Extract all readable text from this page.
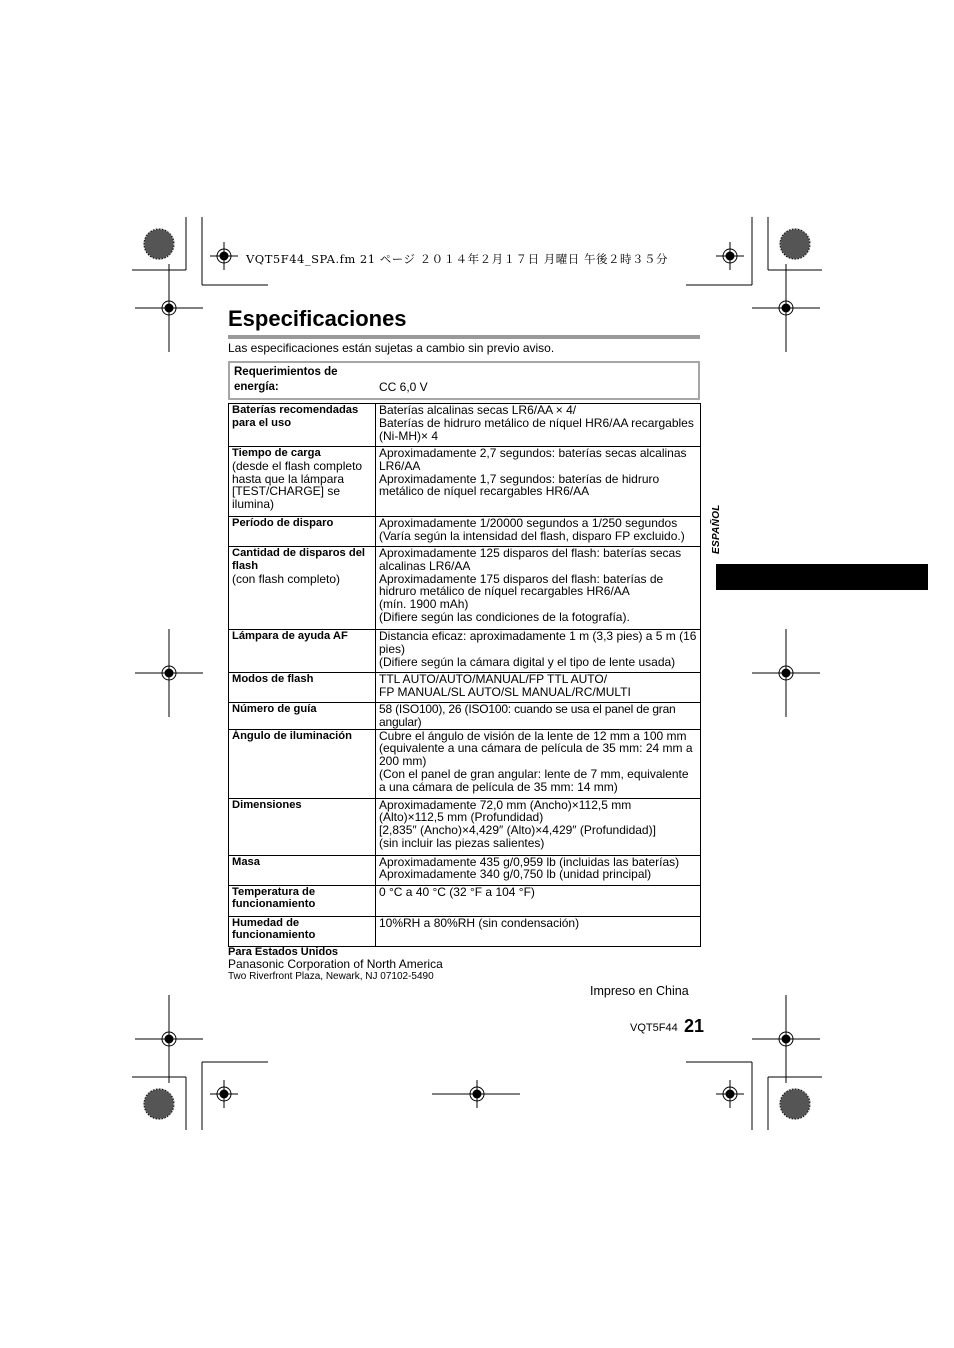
VQT5F44_SPA.fm 21 ページ ２０１４年２月１７日 月曜日 午後２時３５分
Especificaciones
Las especificaciones están sujetas a cambio sin previo aviso.
Requerimientos de energía:	CC 6,0 V
Baterías recomendadas para el uso	Baterías alcalinas secas LR6/AA × 4/
Baterías de hidruro metálico de níquel HR6/AA recargables (Ni-MH)× 4
Tiempo de carga
(desde el flash completo hasta que la lámpara [TEST/CHARGE] se ilumina)	Aproximadamente 2,7 segundos: baterías secas alcalinas LR6/AA
Aproximadamente 1,7 segundos: baterías de hidruro metálico de níquel recargables HR6/AA
Período de disparo	Aproximadamente 1/20000 segundos a 1/250 segundos
(Varía según la intensidad del flash, disparo FP excluido.)
Cantidad de disparos del flash
(con flash completo)	Aproximadamente 125 disparos del flash: baterías secas alcalinas LR6/AA
Aproximadamente 175 disparos del flash: baterías de hidruro metálico de níquel recargables HR6/AA
(mín. 1900 mAh)
(Difiere según las condiciones de la fotografía).
Lámpara de ayuda AF	Distancia eficaz: aproximadamente 1 m (3,3 pies) a 5 m (16 pies)
(Difiere según la cámara digital y el tipo de lente usada)
Modos de flash	TTL AUTO/AUTO/MANUAL/FP TTL AUTO/
FP MANUAL/SL AUTO/SL MANUAL/RC/MULTI
Número de guía	58 (ISO100), 26 (ISO100: cuando se usa el panel de gran angular)
Ángulo de iluminación	Cubre el ángulo de visión de la lente de 12 mm a 100 mm (equivalente a una cámara de película de 35 mm: 24 mm a 200 mm)
(Con el panel de gran angular: lente de 7 mm, equivalente a una cámara de película de 35 mm: 14 mm)
Dimensiones	Aproximadamente 72,0 mm (Ancho)×112,5 mm (Alto)×112,5 mm (Profundidad)
[2,835″ (Ancho)×4,429″ (Alto)×4,429″ (Profundidad)]
(sin incluir las piezas salientes)
Masa	Aproximadamente 435 g/0,959 lb (incluidas las baterías)
Aproximadamente 340 g/0,750 lb (unidad principal)
Temperatura de funcionamiento	0 °C a 40 °C (32 °F a 104 °F)
Humedad de funcionamiento	10%RH a 80%RH (sin condensación)
ESPAÑOL
Para Estados Unidos
Panasonic Corporation of North America
Two Riverfront Plaza, Newark, NJ 07102-5490
Impreso en China
VQT5F44 21
